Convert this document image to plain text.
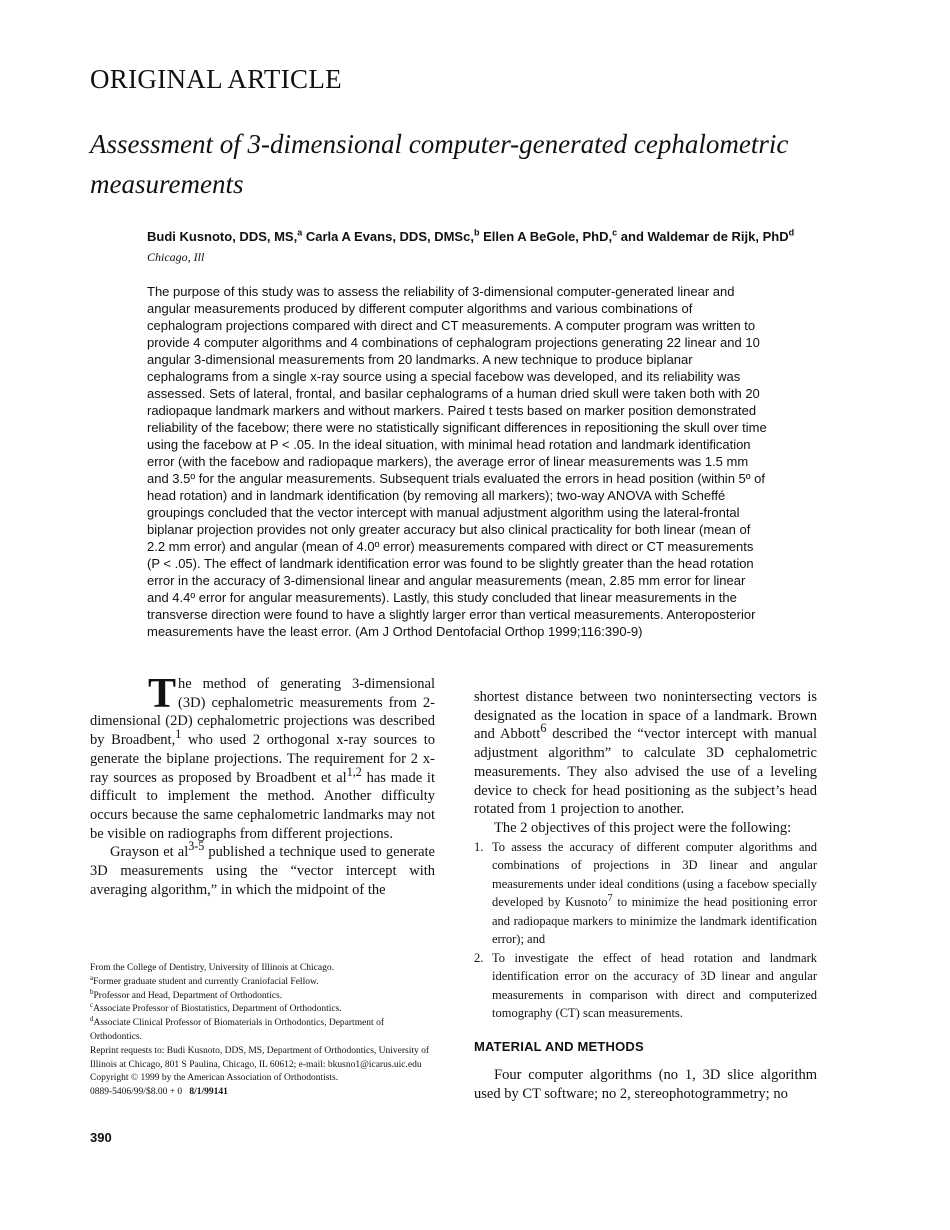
ORIGINAL ARTICLE
Assessment of 3-dimensional computer-generated cephalometric measurements
Budi Kusnoto, DDS, MS,$^a$ Carla A Evans, DDS, DMSc,$^b$ Ellen A BeGole, PhD,$^c$ and Waldemar de Rijk, PhD$^d$
Chicago, Ill
The purpose of this study was to assess the reliability of 3-dimensional computer-generated linear and
angular measurements produced by different computer algorithms and various combinations of
cephalogram projections compared with direct and CT measurements. A computer program was written to
provide 4 computer algorithms and 4 combinations of cephalogram projections generating 22 linear and 10
angular 3-dimensional measurements from 20 landmarks. A new technique to produce biplanar
cephalograms from a single x-ray source using a special facebow was developed, and its reliability was
assessed. Sets of lateral, frontal, and basilar cephalograms of a human dried skull were taken both with 20
radiopaque landmark markers and without markers. Paired t tests based on marker position demonstrated
reliability of the facebow; there were no statistically significant differences in repositioning the skull over time
using the facebow at P < .05. In the ideal situation, with minimal head rotation and landmark identification
error (with the facebow and radiopaque markers), the average error of linear measurements was 1.5 mm
and 3.5º for the angular measurements. Subsequent trials evaluated the errors in head position (within 5º of
head rotation) and in landmark identification (by removing all markers); two-way ANOVA with Scheffé
groupings concluded that the vector intercept with manual adjustment algorithm using the lateral-frontal
biplanar projection provides not only greater accuracy but also clinical practicality for both linear (mean of
2.2 mm error) and angular (mean of 4.0º error) measurements compared with direct or CT measurements
(P < .05). The effect of landmark identification error was found to be slightly greater than the head rotation
error in the accuracy of 3-dimensional linear and angular measurements (mean, 2.85 mm error for linear
and 4.4º error for angular measurements). Lastly, this study concluded that linear measurements in the
transverse direction were found to have a slightly larger error than vertical measurements. Anteroposterior
measurements have the least error. (Am J Orthod Dentofacial Orthop 1999;116:390-9)

The method of generating 3-dimensional (3D) cephalometric measurements from 2-dimensional (2D) cephalometric projections was described by Broadbent,$^1$ who used 2 orthogonal x-ray sources to generate the biplane projections. The requirement for 2 x-ray sources as proposed by Broadbent et al$^{1,2}$ has made it difficult to implement the method. Another difficulty occurs because the same cephalometric landmarks may not be visible on radiographs from different projections.

Grayson et $al^{3-5}$ published a technique used to generate 3D measurements using the “vector intercept with averaging algorithm,” in which the midpoint of the

shortest distance between two nonintersecting vectors is designated as the location in space of a landmark. Brown and Abbott$^6$ described the “vector intercept with manual adjustment algorithm” to calculate 3D cephalometric measurements. They also advised the use of a leveling device to check for head positioning as the subject’s head rotated from 1 projection to another.

The 2 objectives of this project were the following:

1. To assess the accuracy of different computer algorithms and combinations of projections in 3D linear and angular measurements under ideal conditions (using a facebow specially developed by Kusnoto$^7$ to minimize the head positioning error and radiopaque markers to minimize the landmark identification error); and
2. To investigate the effect of head rotation and landmark identification error on the accuracy of 3D linear and angular measurements in comparison with direct and computerized tomography (CT) scan measurements.

MATERIAL AND METHODS

Four computer algorithms (no 1, 3D slice algorithm used by CT software; no 2, stereophotogrammetry; no

From the College of Dentistry, University of Illinois at Chicago.
$^a$Former graduate student and currently Craniofacial Fellow.
$^b$Professor and Head, Department of Orthodontics.
$^c$Associate Professor of Biostatistics, Department of Orthodontics.
$^d$Associate Clinical Professor of Biomaterials in Orthodontics, Department of Orthodontics.
Reprint requests to: Budi Kusnoto, DDS, MS, Department of Orthodontics, University of Illinois at Chicago, 801 S Paulina, Chicago, IL 60612; e-mail: bkusno1@icarus.uic.edu
Copyright © 1999 by the American Association of Orthodontists.
0889-5406/99/$8.00 + 0 8/1/99141
390
